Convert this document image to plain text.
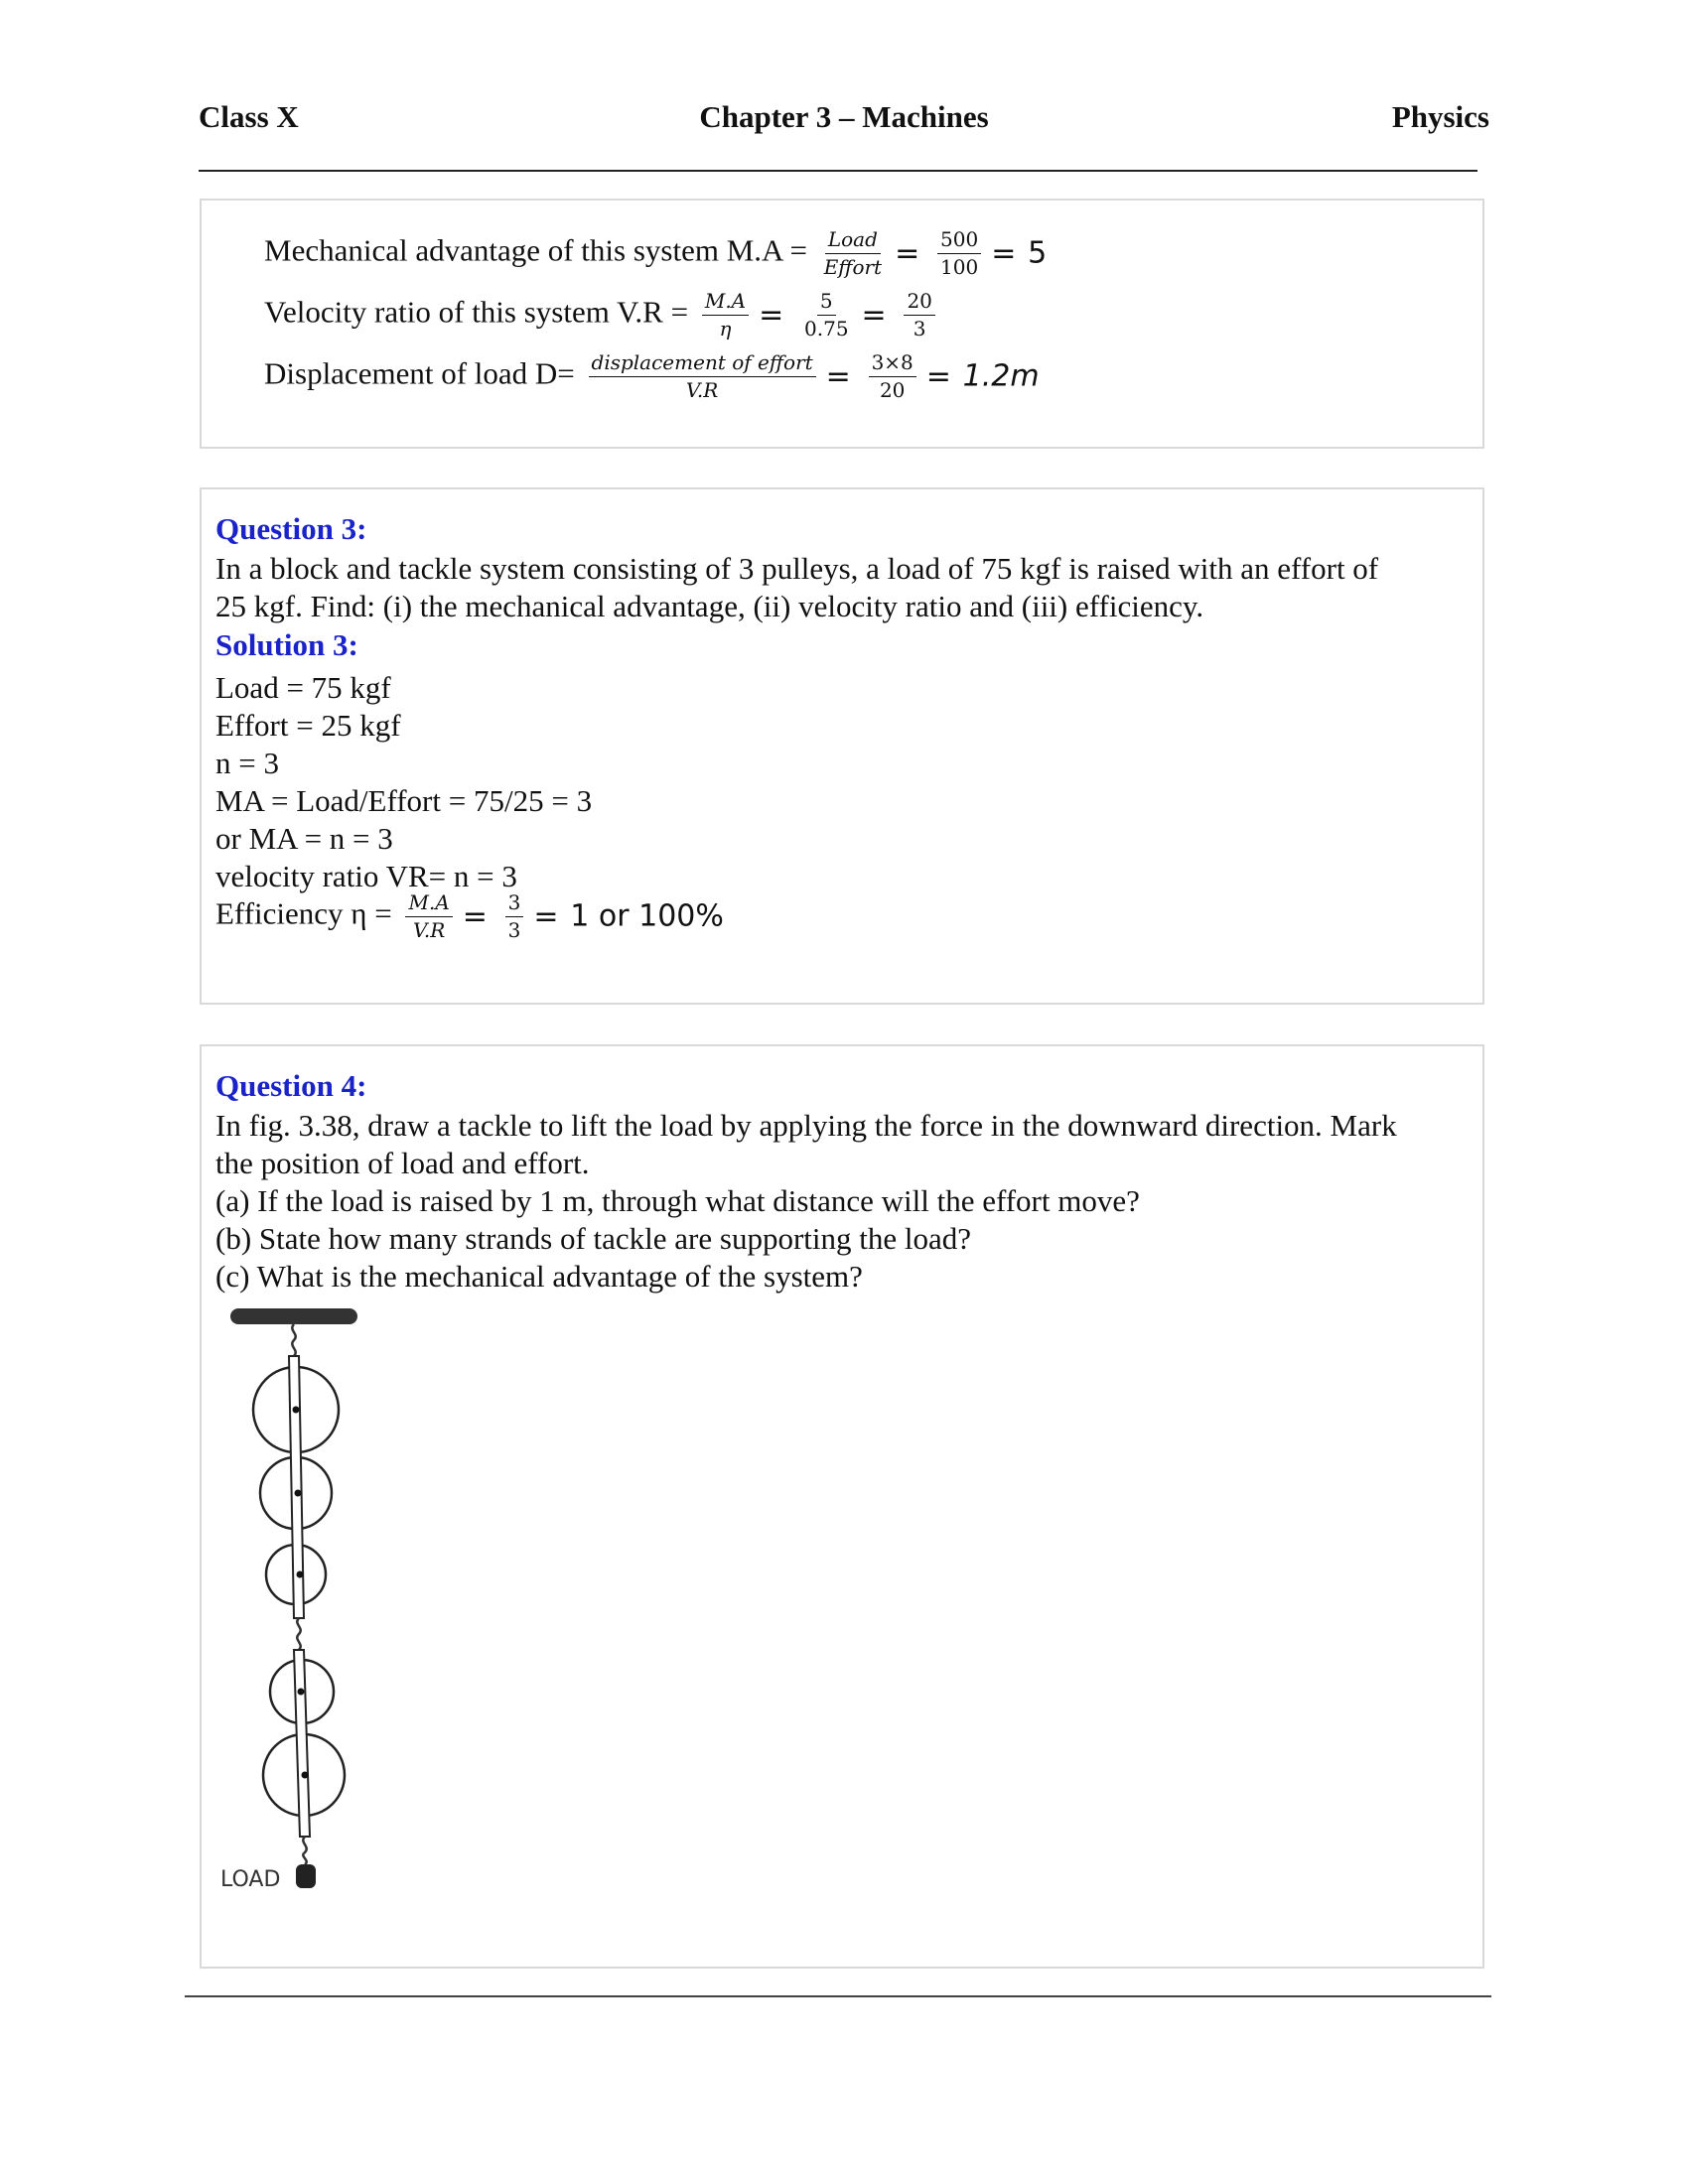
Class X	Chapter 3 – Machines	Physics
Mechanical advantage of this system $M.A = \frac{\text{Load}}{\text{Effort}} = \frac{500}{100} = 5$
Velocity ratio of this system $V.R = \frac{M.A}{\eta} = \frac{5}{0.75} = \frac{20}{3}$
Displacement of load $D= \frac{\text{displacement of effort}}{V.R} = \frac{3\times 8}{20} = 1.2m$
Question 3:
In a block and tackle system consisting of 3 pulleys, a load of 75 kgf is raised with an effort of
25 kgf. Find: (i) the mechanical advantage, (ii) velocity ratio and (iii) efficiency.
Solution 3:
Load = 75 kgf
Effort = 25 kgf
n = 3
MA = Load/Effort = 75/25 = 3
or MA = n = 3
velocity ratio VR= n = 3
Efficiency $\eta = \frac{M.A}{V.R} = \frac{3}{3} = 1$ or 100%
Question 4:
In fig. 3.38, draw a tackle to lift the load by applying the force in the downward direction. Mark
the position of load and effort.
(a) If the load is raised by 1 m, through what distance will the effort move?
(b) State how many strands of tackle are supporting the load?
(c) What is the mechanical advantage of the system?
LOAD
